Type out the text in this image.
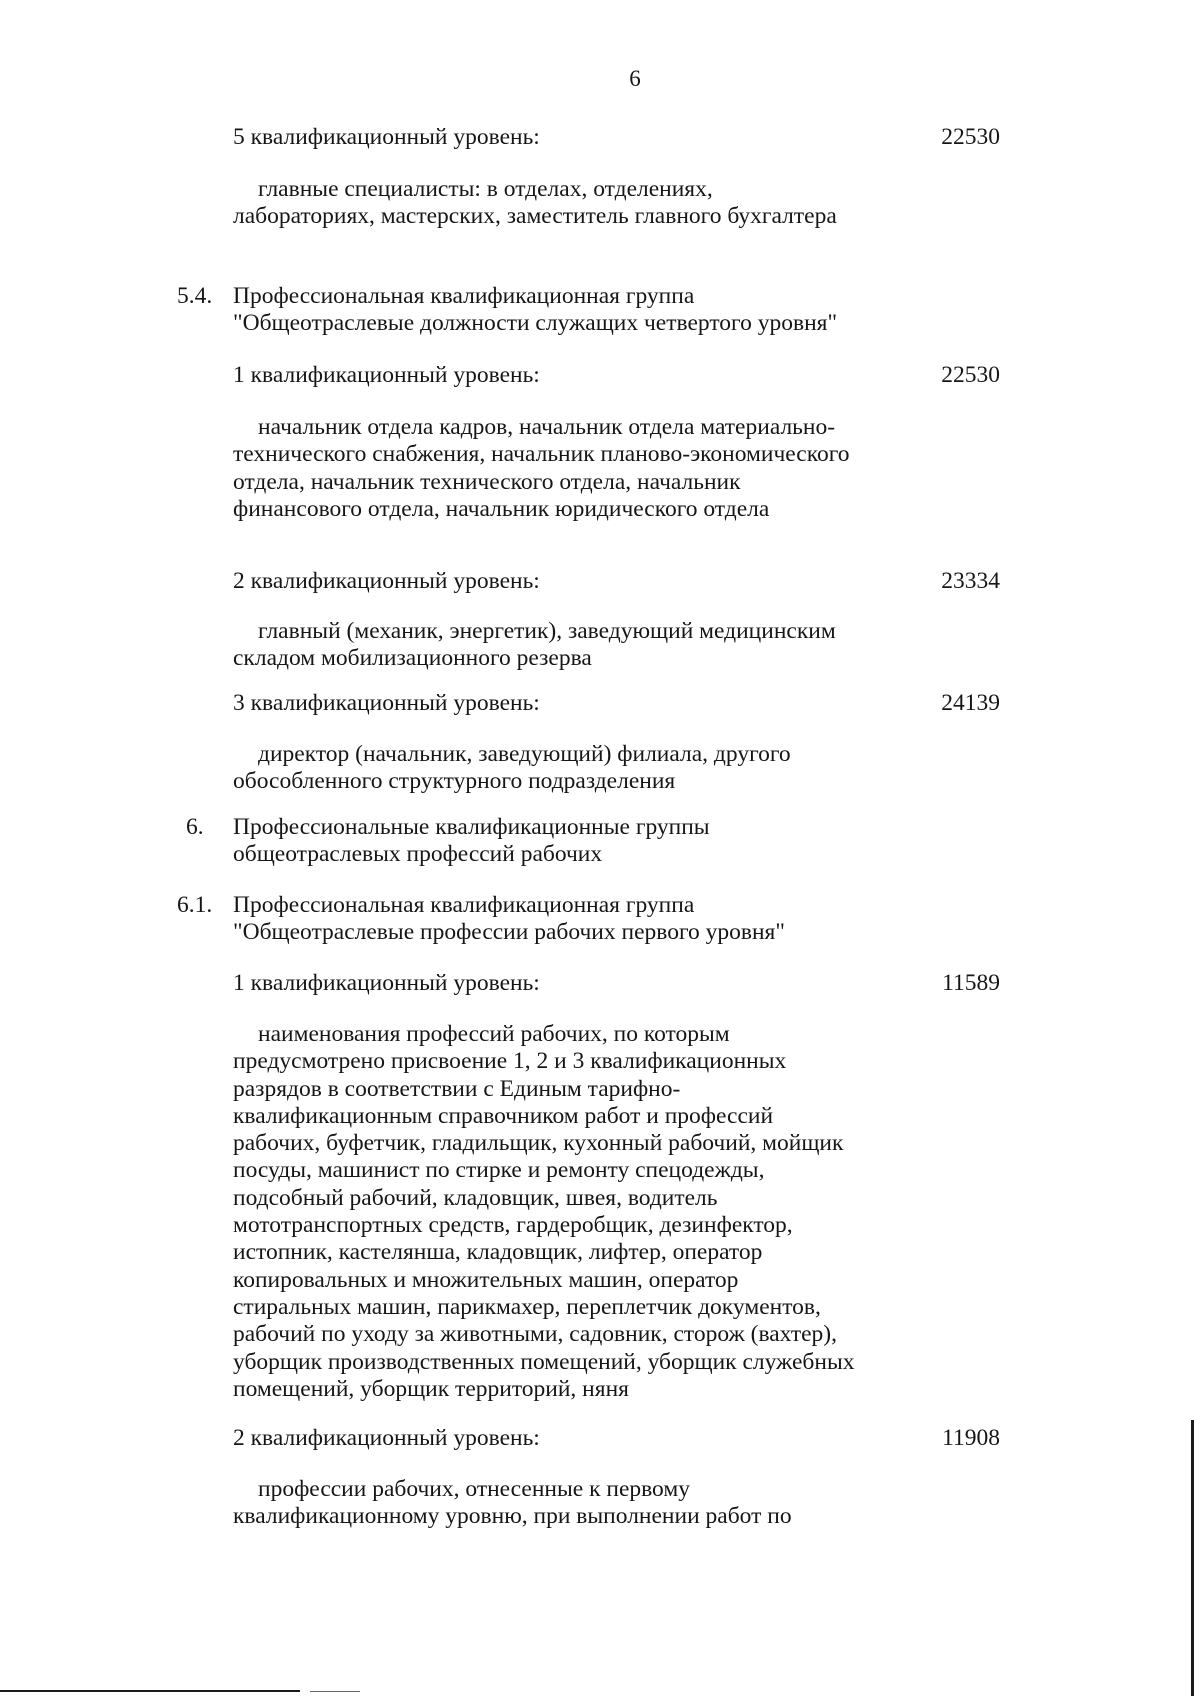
6
5 квалификационный уровень:	22530
главные специалисты: в отделах, отделениях,
лабораториях, мастерских, заместитель главного бухгалтера
5.4. Профессиональная квалификационная группа
"Общеотраслевые должности служащих четвертого уровня"
1 квалификационный уровень:	22530
начальник отдела кадров, начальник отдела материально-
технического снабжения, начальник планово-экономического
отдела, начальник технического отдела, начальник
финансового отдела, начальник юридического отдела
2 квалификационный уровень:	23334
главный (механик, энергетик), заведующий медицинским
складом мобилизационного резерва
3 квалификационный уровень:	24139
директор (начальник, заведующий) филиала, другого
обособленного структурного подразделения
6. Профессиональные квалификационные группы
общеотраслевых профессий рабочих
6.1. Профессиональная квалификационная группа
"Общеотраслевые профессии рабочих первого уровня"
1 квалификационный уровень:	11589
наименования профессий рабочих, по которым
предусмотрено присвоение 1, 2 и 3 квалификационных
разрядов в соответствии с Единым тарифно-
квалификационным справочником работ и профессий
рабочих, буфетчик, гладильщик, кухонный рабочий, мойщик
посуды, машинист по стирке и ремонту спецодежды,
подсобный рабочий, кладовщик, швея, водитель
мототранспортных средств, гардеробщик, дезинфектор,
истопник, кастелянша, кладовщик, лифтер, оператор
копировальных и множительных машин, оператор
стиральных машин, парикмахер, переплетчик документов,
рабочий по уходу за животными, садовник, сторож (вахтер),
уборщик производственных помещений, уборщик служебных
помещений, уборщик территорий, няня
2 квалификационный уровень:	11908
профессии рабочих, отнесенные к первому
квалификационному уровню, при выполнении работ по
